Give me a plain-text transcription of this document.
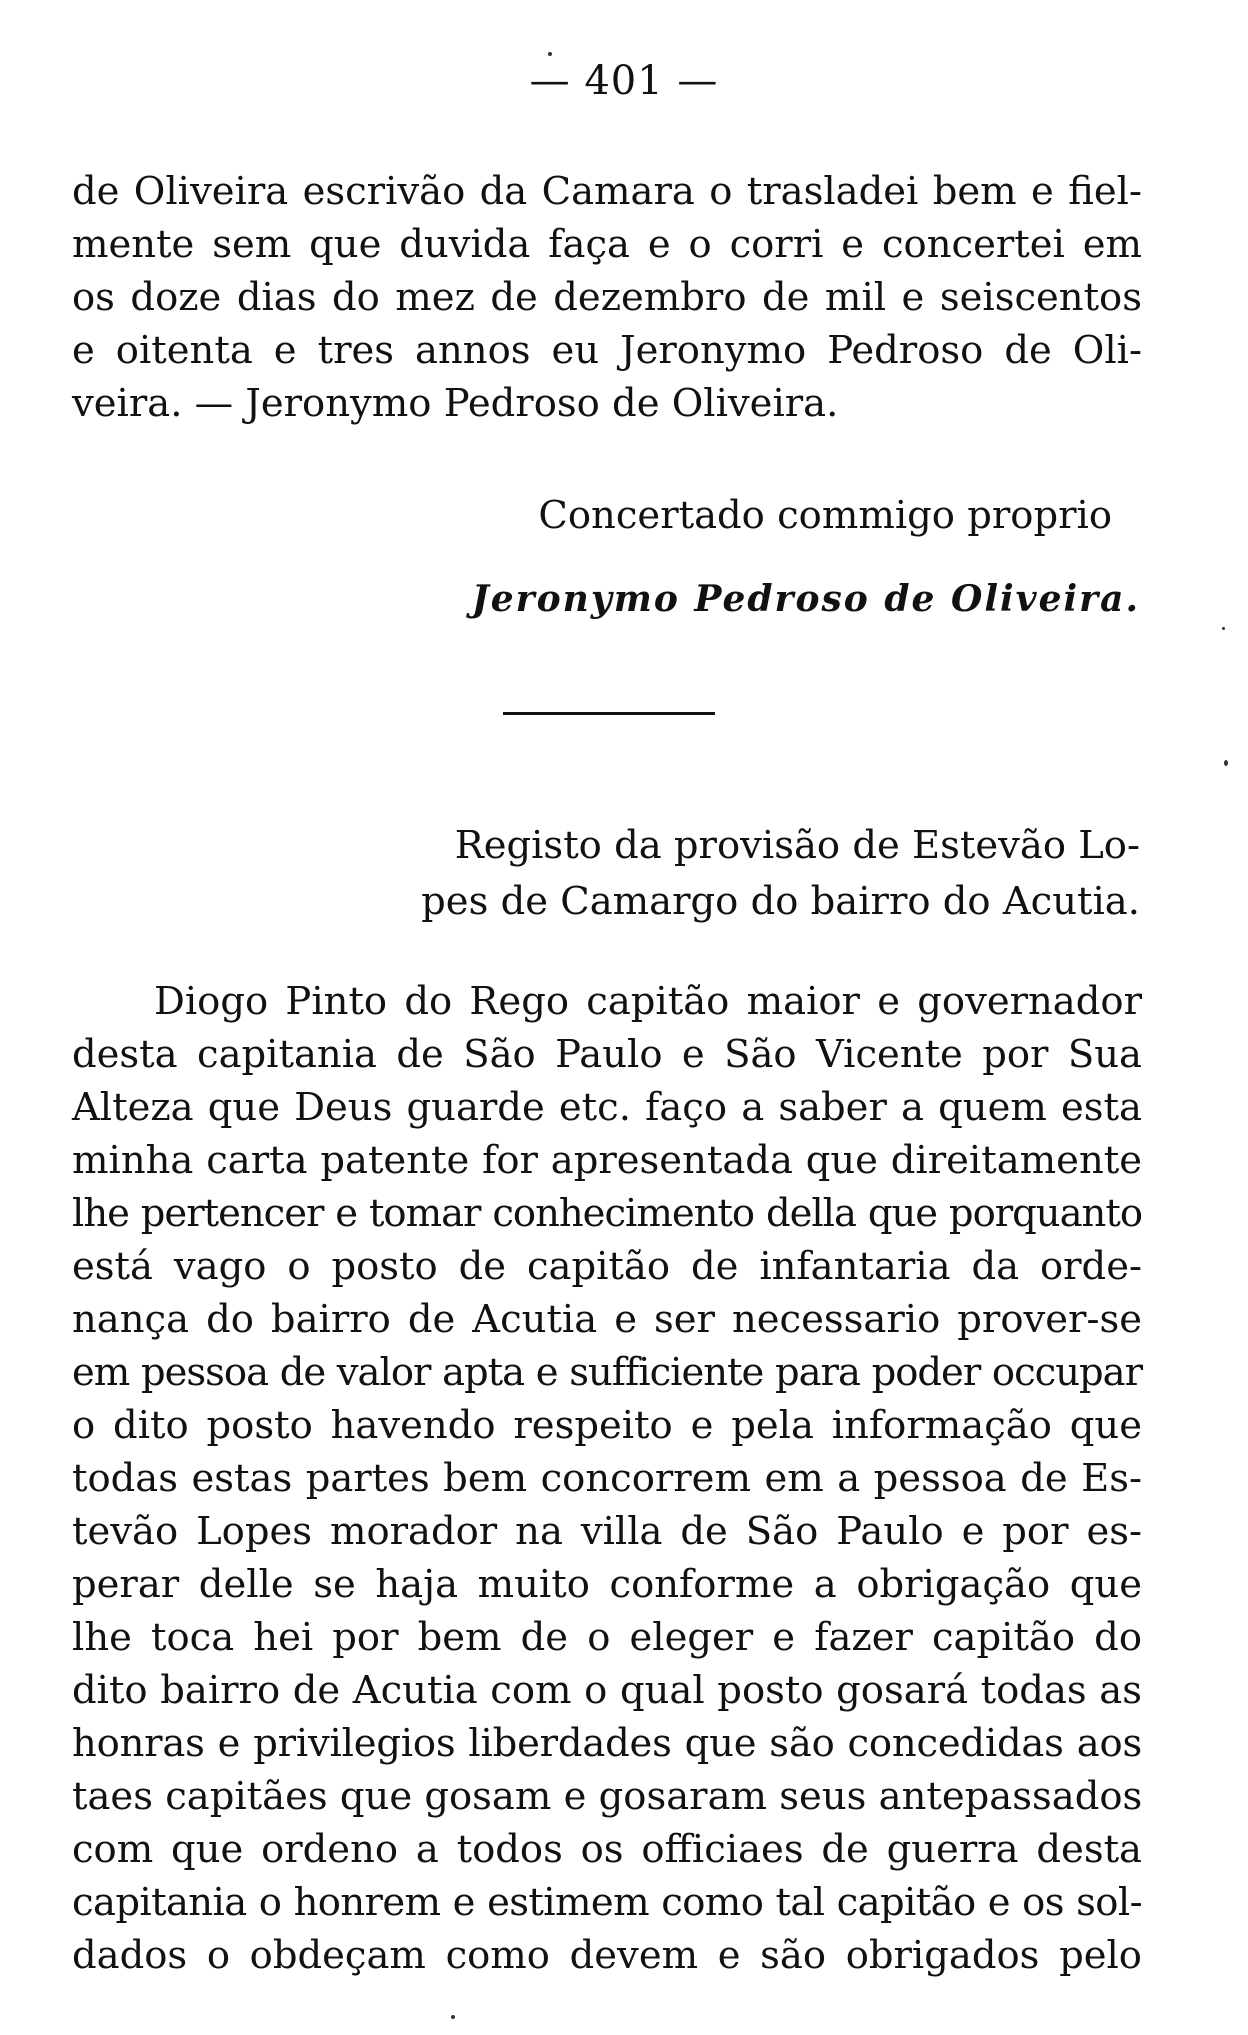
— 401 —
de Oliveira escrivão da Camara o trasladei bem e fiel-
mente sem que duvida faça e o corri e concertei em
os doze dias do mez de dezembro de mil e seiscentos
e oitenta e tres annos eu Jeronymo Pedroso de Oli-
veira. — Jeronymo Pedroso de Oliveira.
Concertado commigo proprio
Jeronymo Pedroso de Oliveira.
Registo da provisão de Estevão Lo-
pes de Camargo do bairro do Acutia.
Diogo Pinto do Rego capitão maior e governador
desta capitania de São Paulo e São Vicente por Sua
Alteza que Deus guarde etc. faço a saber a quem esta
minha carta patente for apresentada que direitamente
lhe pertencer e tomar conhecimento della que porquanto
está vago o posto de capitão de infantaria da orde-
nança do bairro de Acutia e ser necessario prover-se
em pessoa de valor apta e sufficiente para poder occupar
o dito posto havendo respeito e pela informação que
todas estas partes bem concorrem em a pessoa de Es-
tevão Lopes morador na villa de São Paulo e por es-
perar delle se haja muito conforme a obrigação que
lhe toca hei por bem de o eleger e fazer capitão do
dito bairro de Acutia com o qual posto gosará todas as
honras e privilegios liberdades que são concedidas aos
taes capitães que gosam e gosaram seus antepassados
com que ordeno a todos os officiaes de guerra desta
capitania o honrem e estimem como tal capitão e os sol-
dados o obdeçam como devem e são obrigados pelo
